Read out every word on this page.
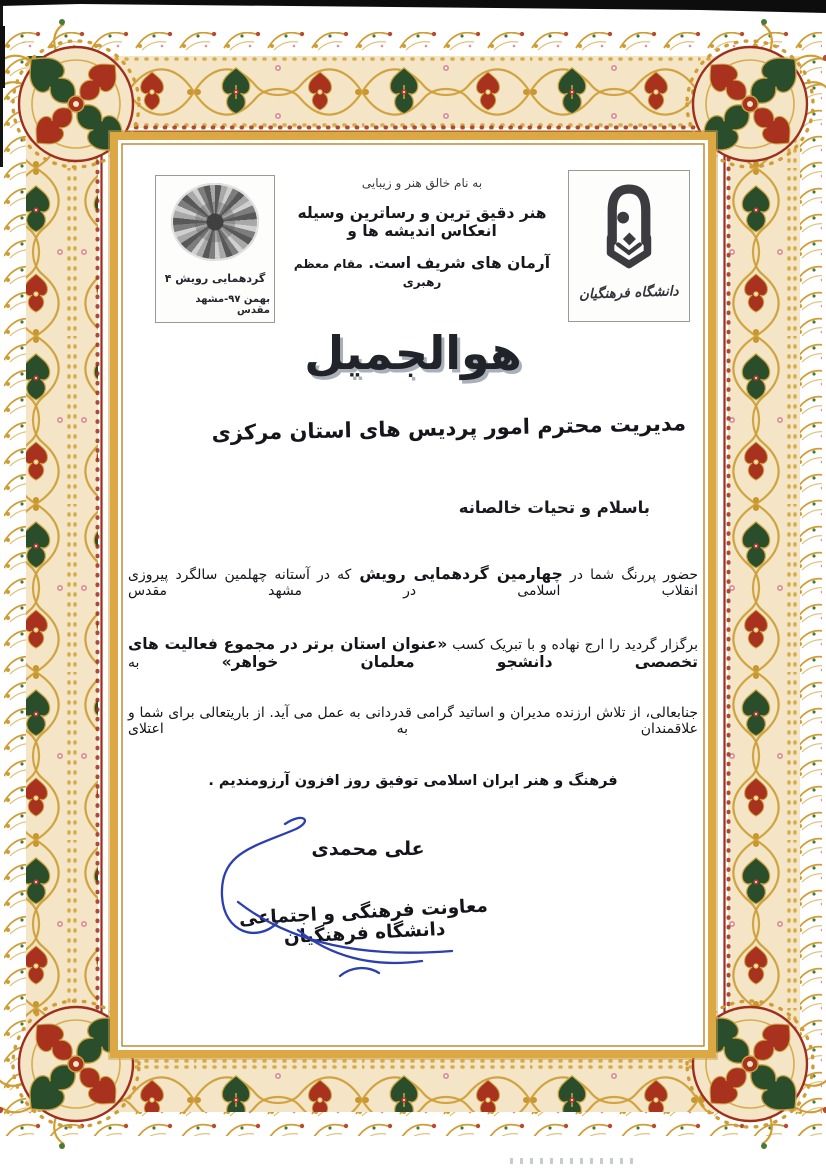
گردهمایی رویش ۴
بهمن ۹۷-مشهد مقدس
دانشگاه فرهنگیان
به نام خالق هنر و زیبایی
هنر دقیق ترین و رساترین وسیله انعکاس اندیشه ها و
آرمان های شریف است. مقام معظم رهبری
هوالجمیل
مدیریت محترم امور پردیس های استان مرکزی
باسلام و تحیات خالصانه
حضور پررنگ شما در چهارمین گردهمایی رویش که در آستانه چهلمین سالگرد پیروزی انقلاب اسلامی در مشهد مقدس
برگزار گردید را ارج نهاده و با تبریک کسب «عنوان استان برتر در مجموع فعالیت های تخصصی دانشجو معلمان خواهر» به
جنابعالی، از تلاش ارزنده مدیران و اساتید گرامی قدردانی به عمل می آید. از باریتعالی برای شما و علاقمندان به اعتلای
فرهنگ و هنر ایران اسلامی توفیق روز افزون آرزومندیم .
علی محمدی
معاونت فرهنگی و اجتماعی دانشگاه فرهنگیان
